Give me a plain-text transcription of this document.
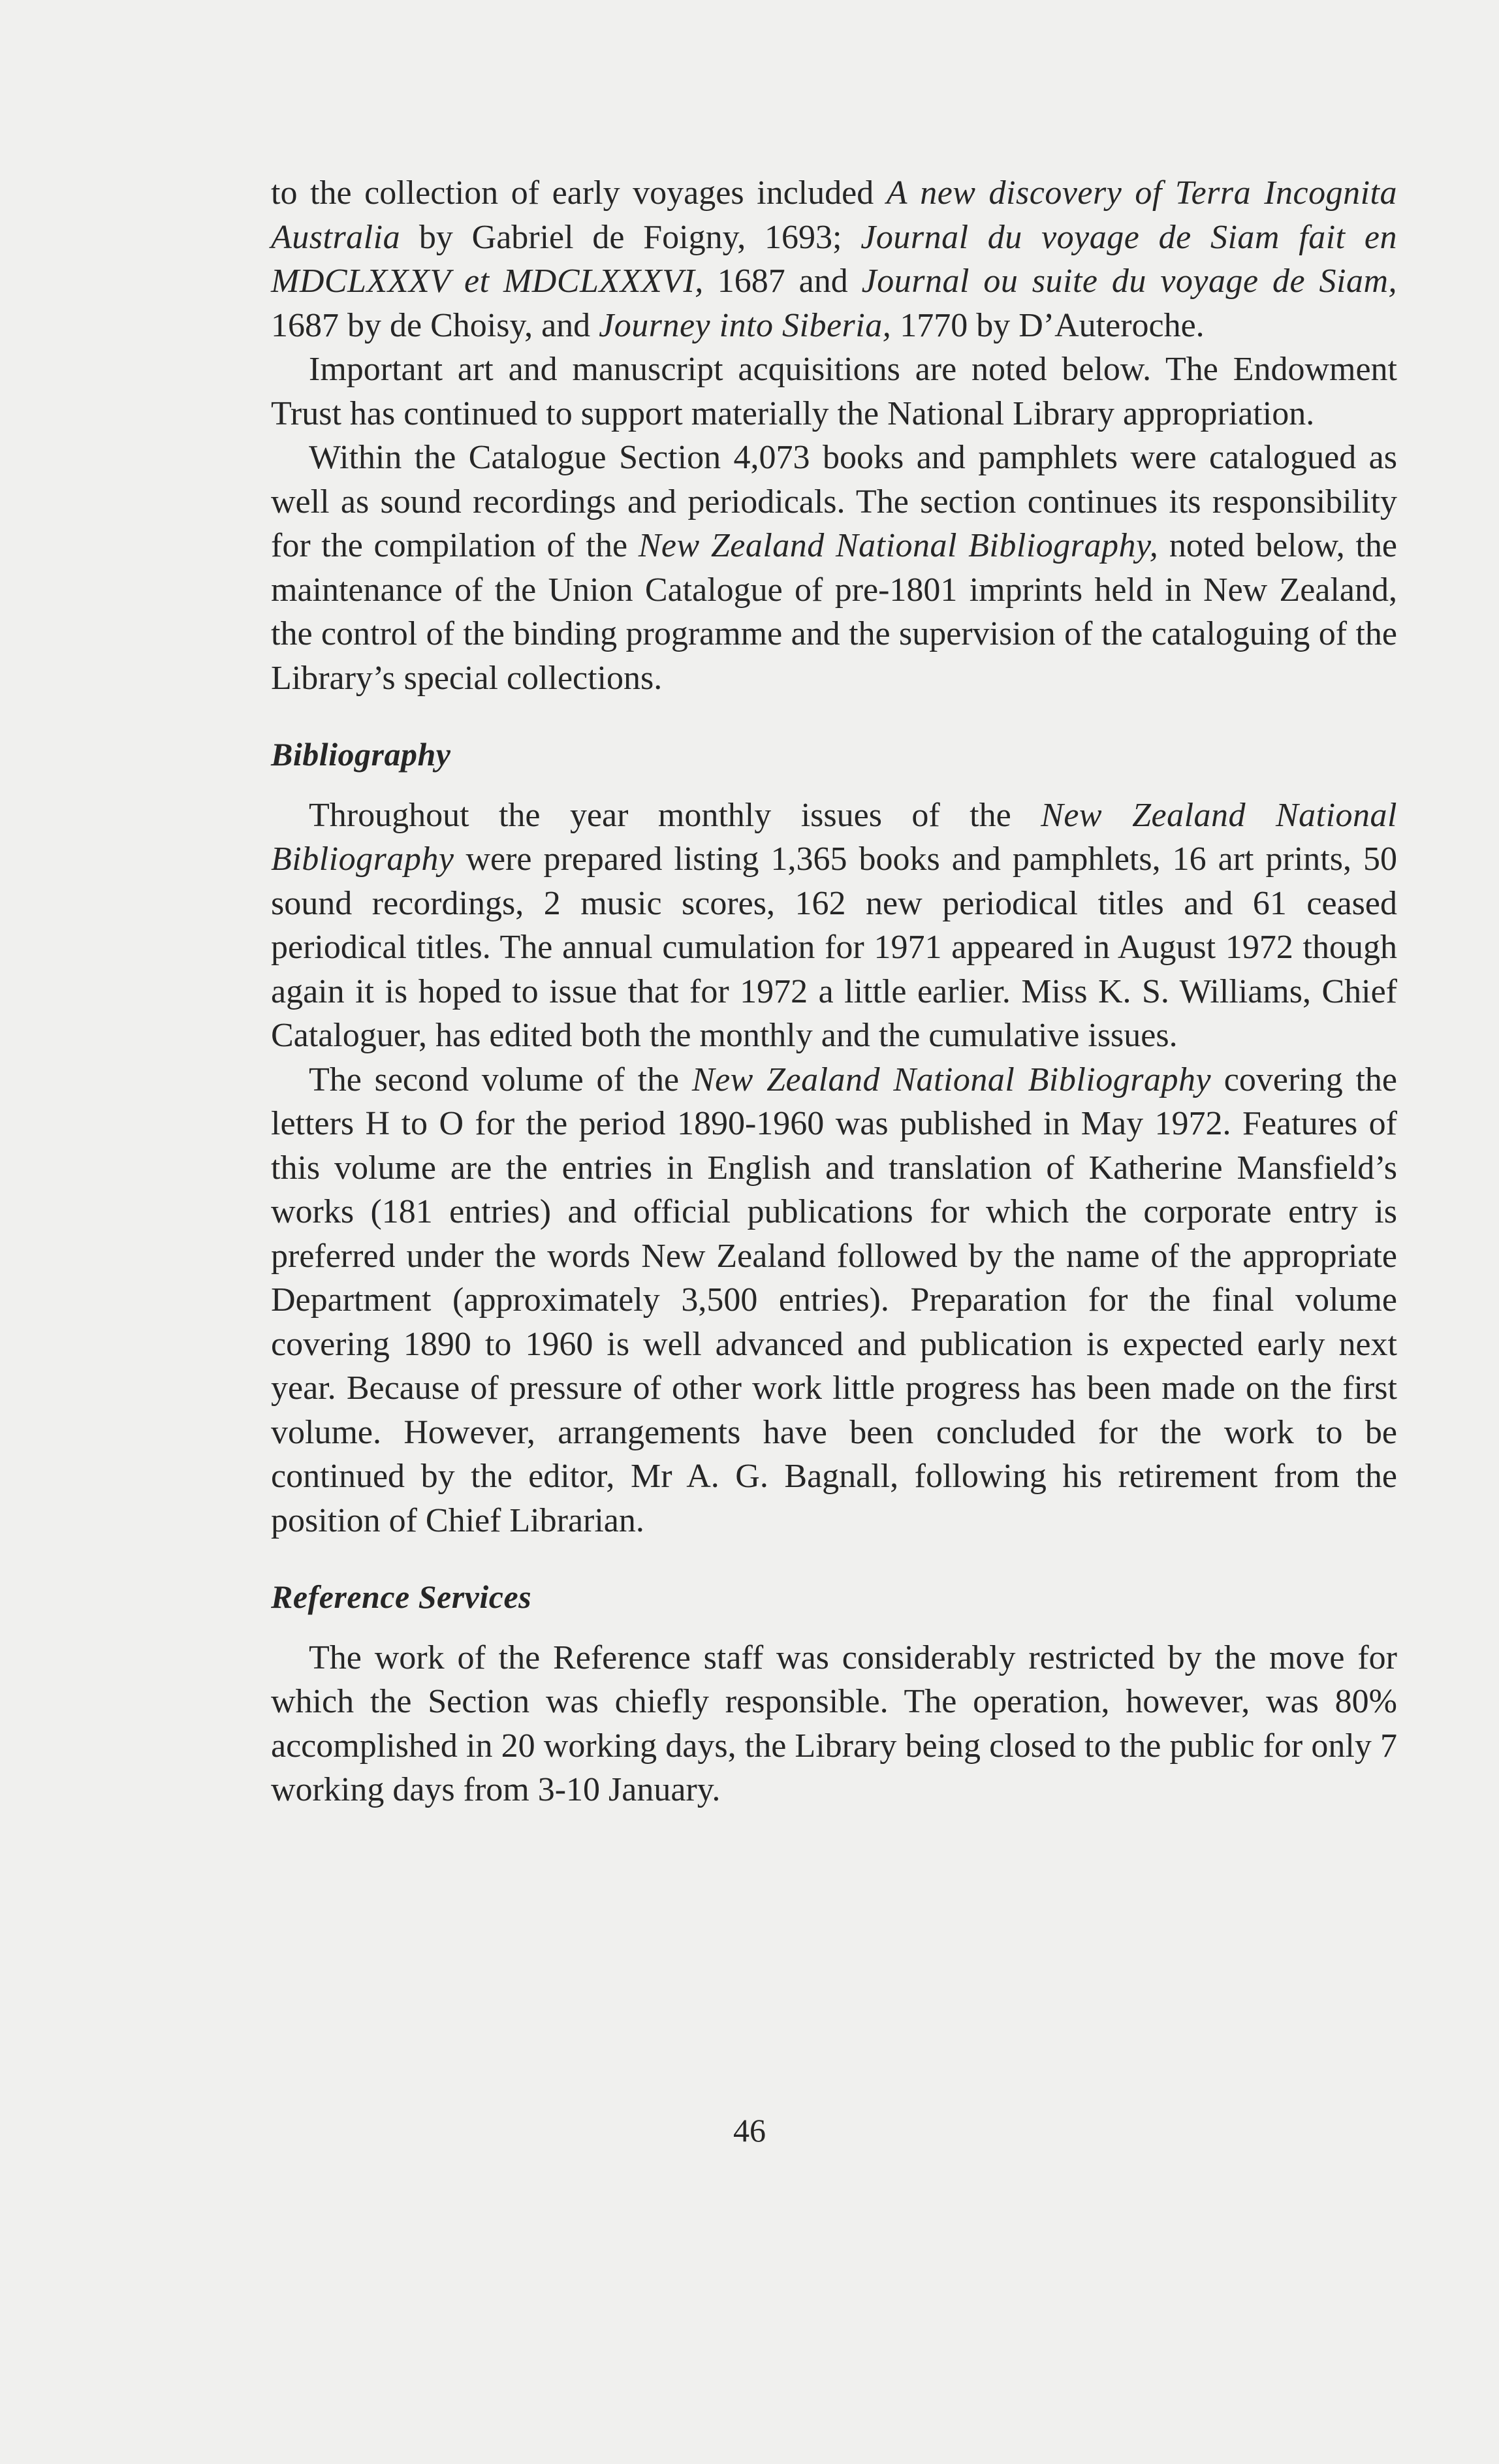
to the collection of early voyages included A new discovery of Terra Incognita Australia by Gabriel de Foigny, 1693; Journal du voyage de Siam fait en MDCLXXXV et MDCLXXXVI, 1687 and Journal ou suite du voyage de Siam, 1687 by de Choisy, and Journey into Siberia, 1770 by D’Auteroche.

Important art and manuscript acquisitions are noted below. The Endowment Trust has continued to support materially the National Library appropriation.

Within the Catalogue Section 4,073 books and pamphlets were catalogued as well as sound recordings and periodicals. The section continues its responsibility for the compilation of the New Zealand National Bibliography, noted below, the maintenance of the Union Catalogue of pre-1801 imprints held in New Zealand, the control of the binding programme and the supervision of the cataloguing of the Library’s special collections.

Bibliography

Throughout the year monthly issues of the New Zealand National Bibliography were prepared listing 1,365 books and pamphlets, 16 art prints, 50 sound recordings, 2 music scores, 162 new periodical titles and 61 ceased periodical titles. The annual cumulation for 1971 appeared in August 1972 though again it is hoped to issue that for 1972 a little earlier. Miss K. S. Williams, Chief Cataloguer, has edited both the monthly and the cumulative issues.

The second volume of the New Zealand National Bibliography covering the letters H to O for the period 1890-1960 was published in May 1972. Features of this volume are the entries in English and translation of Katherine Mansfield’s works (181 entries) and official publications for which the corporate entry is preferred under the words New Zealand followed by the name of the appropriate Department (approximately 3,500 entries). Preparation for the final volume covering 1890 to 1960 is well advanced and publication is expected early next year. Because of pressure of other work little progress has been made on the first volume. However, arrangements have been concluded for the work to be continued by the editor, Mr A. G. Bagnall, following his retirement from the position of Chief Librarian.

Reference Services

The work of the Reference staff was considerably restricted by the move for which the Section was chiefly responsible. The operation, however, was 80% accomplished in 20 working days, the Library being closed to the public for only 7 working days from 3-10 January.

46
